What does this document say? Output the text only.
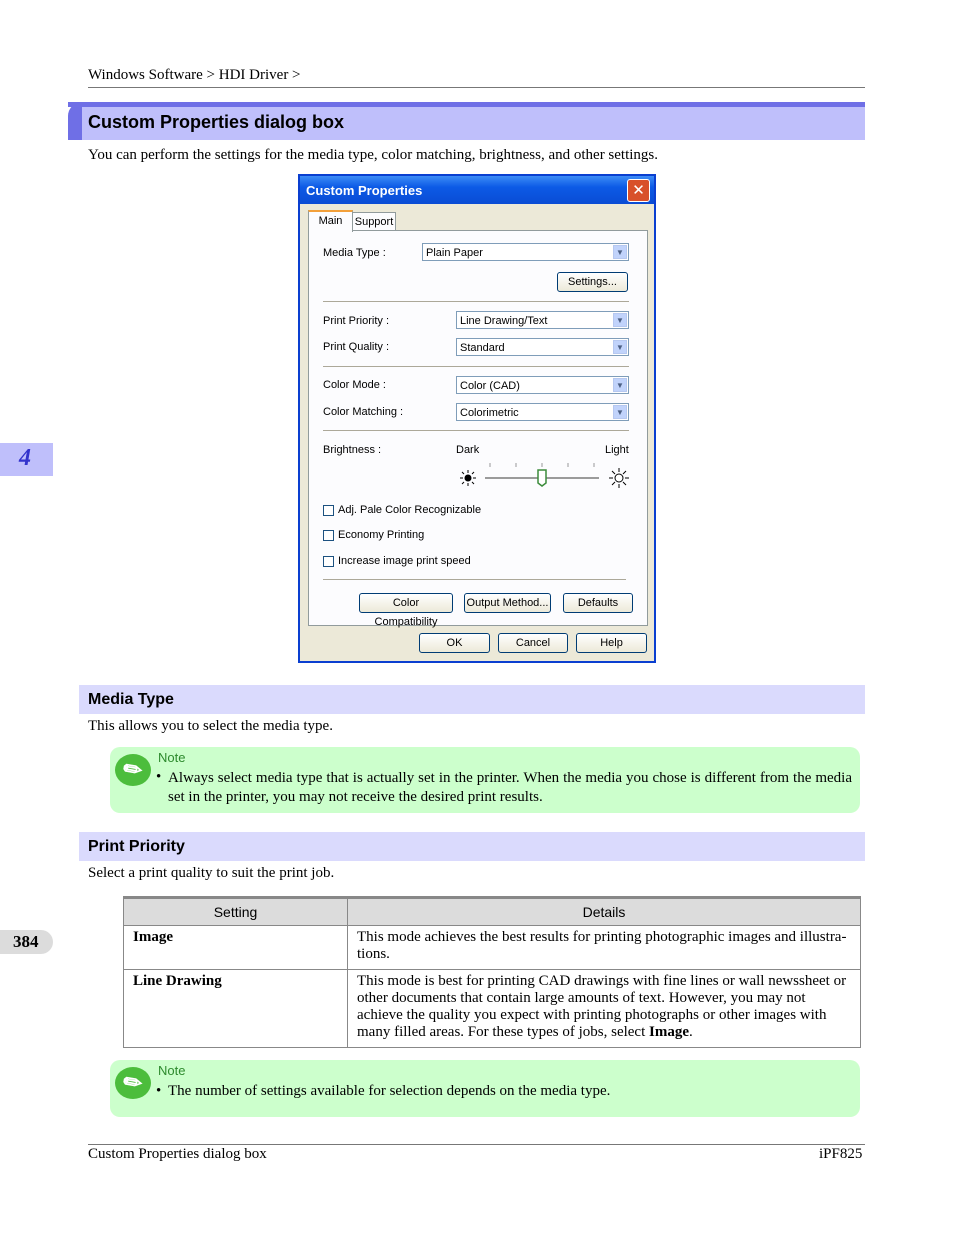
Windows Software > HDI Driver >
Custom Properties dialog box
You can perform the settings for the media type, color matching, brightness, and other settings.
Custom Properties	✕
Main	Support
Media Type :	Plain Paper	▼
Settings...
Print Priority :	Line Drawing/Text	▼
Print Quality :	Standard	▼
Color Mode :	Color (CAD)	▼
Color Matching :	Colorimetric	▼
Brightness :	Dark	Light
Adj. Pale Color Recognizable
Economy Printing
Increase image print speed
Color Compatibility
Output Method...	Defaults
OK	Cancel	Help
Media Type
This allows you to select the media type.
✎ Note
• Always select media type that is actually set in the printer. When the media you chose is different from the media set in the printer, you may not receive the desired print results.
Print Priority
Select a print quality to suit the print job.
Setting	Details
Image	This mode achieves the best results for printing photographic images and illustra-tions.
Line Drawing	This mode is best for printing CAD drawings with fine lines or wall newssheet or other documents that contain large amounts of text. However, you may not achieve the quality you expect with printing photographs or other images with many filled areas. For these types of jobs, select Image.
✎ Note
• The number of settings available for selection depends on the media type.
4
384
Custom Properties dialog box	iPF825
